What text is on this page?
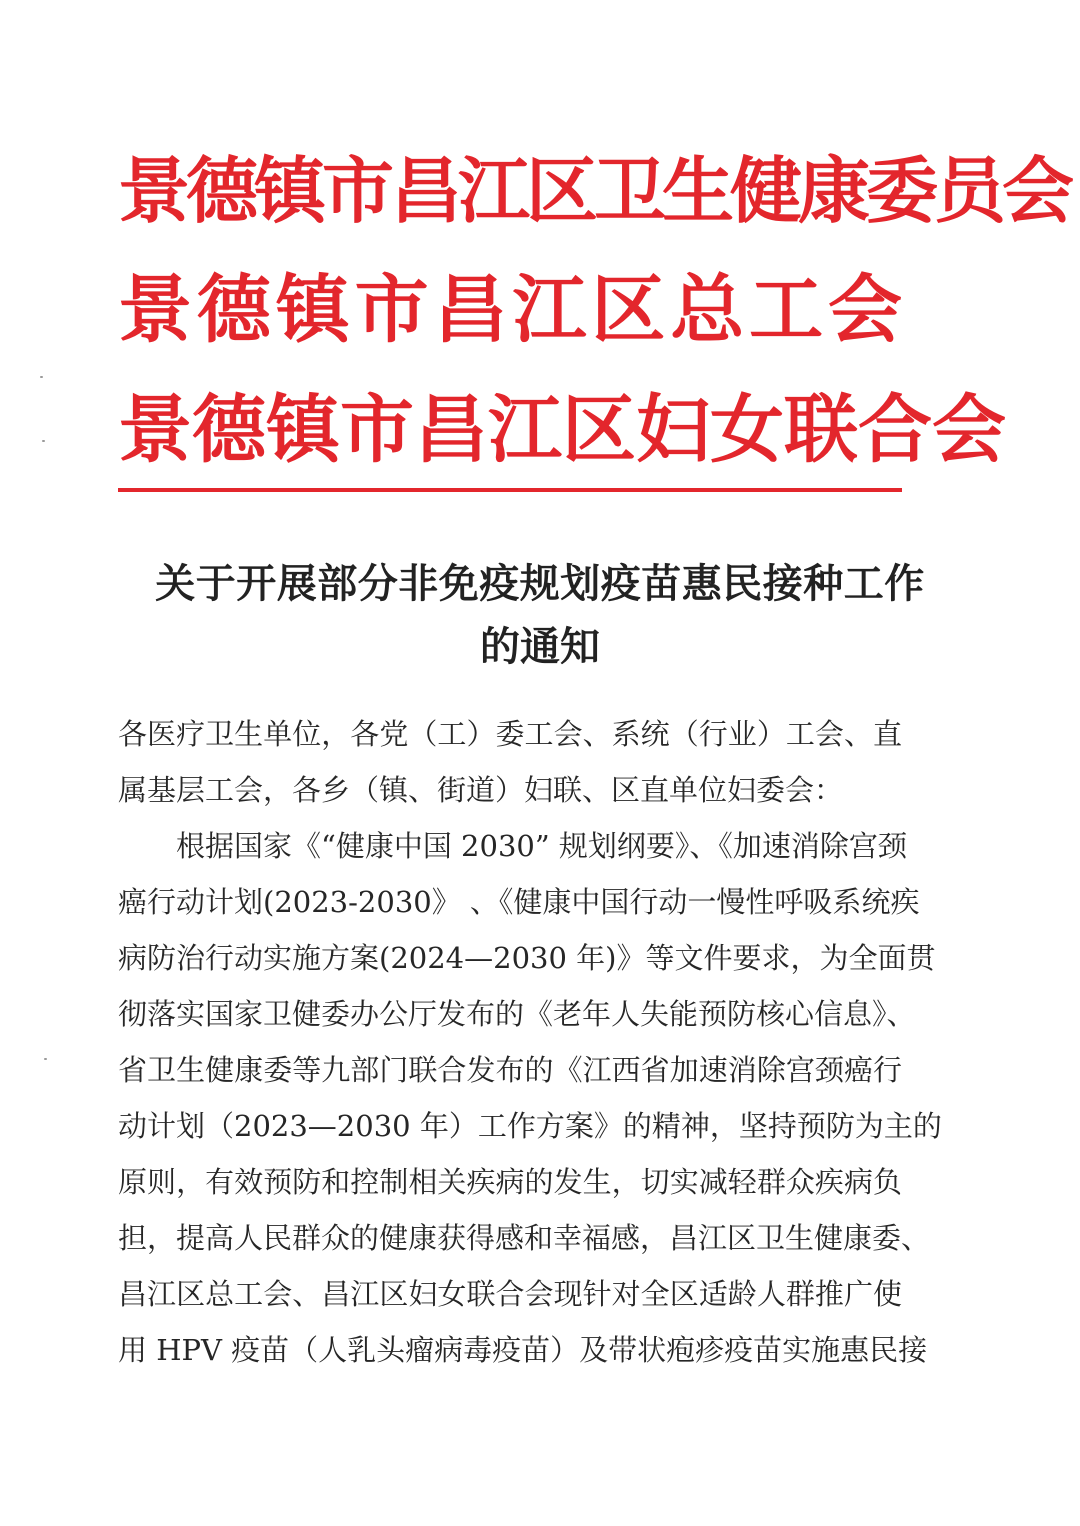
景德镇市昌江区卫生健康委员会
景德镇市昌江区总工会
景德镇市昌江区妇女联合会
关于开展部分非免疫规划疫苗惠民接种工作
的通知
各医疗卫生单位，各党（工）委工会、系统（行业）工会、直
属基层工会，各乡（镇、街道）妇联、区直单位妇委会：
根据国家《“健康中国 2030” 规划纲要》、《加速消除宫颈
癌行动计划(2023-2030》 、《健康中国行动一慢性呼吸系统疾
病防治行动实施方案(2024—2030 年)》等文件要求，为全面贯
彻落实国家卫健委办公厅发布的《老年人失能预防核心信息》、
省卫生健康委等九部门联合发布的《江西省加速消除宫颈癌行
动计划（2023—2030 年）工作方案》的精神，坚持预防为主的
原则，有效预防和控制相关疾病的发生，切实减轻群众疾病负
担，提高人民群众的健康获得感和幸福感，昌江区卫生健康委、
昌江区总工会、昌江区妇女联合会现针对全区适龄人群推广使
用 HPV 疫苗（人乳头瘤病毒疫苗）及带状疱疹疫苗实施惠民接
